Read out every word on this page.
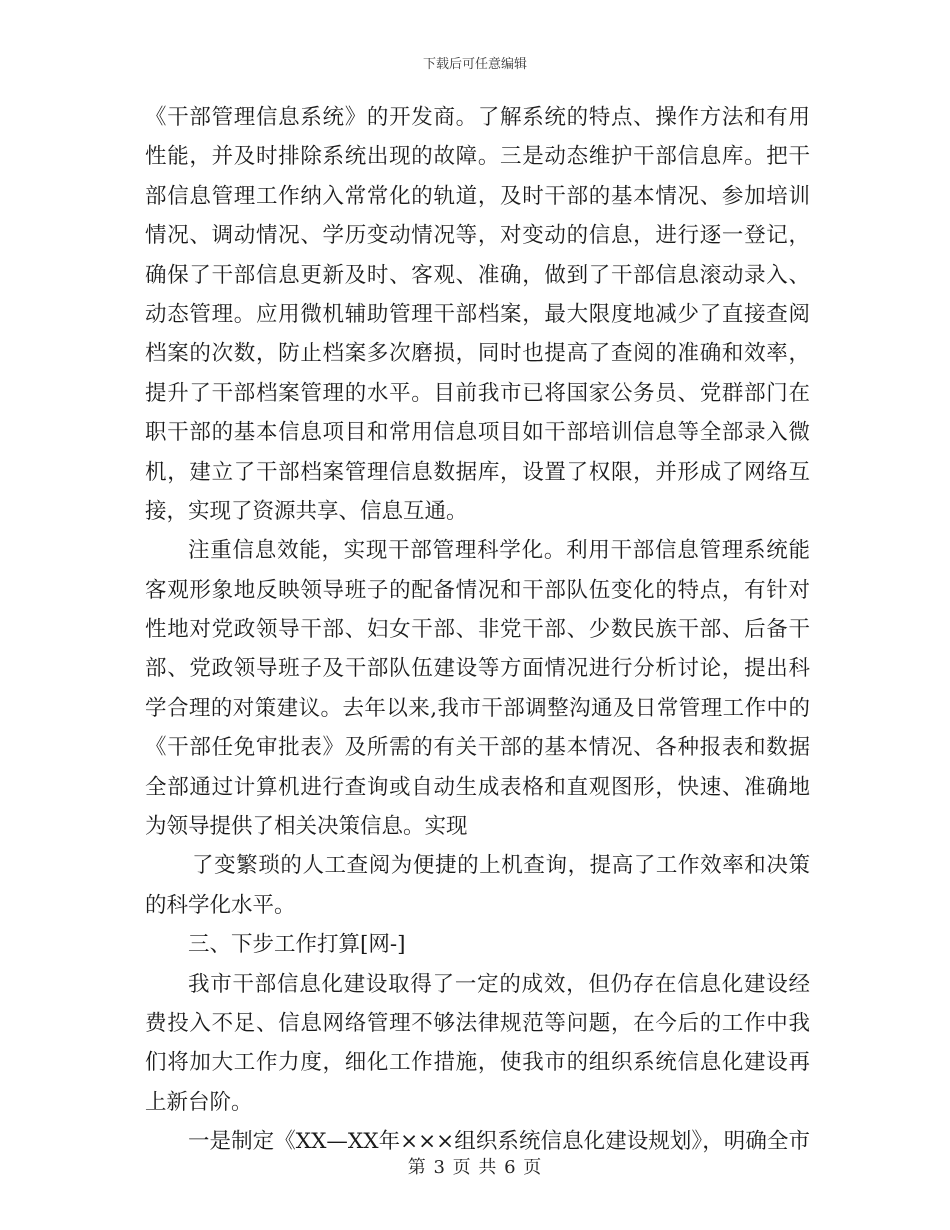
下载后可任意编辑
《干部管理信息系统》的开发商。了解系统的特点、操作方法和有用
性能，并及时排除系统出现的故障。三是动态维护干部信息库。把干
部信息管理工作纳入常常化的轨道，及时干部的基本情况、参加培训
情况、调动情况、学历变动情况等，对变动的信息，进行逐一登记，
确保了干部信息更新及时、客观、准确，做到了干部信息滚动录入、
动态管理。应用微机辅助管理干部档案，最大限度地减少了直接查阅
档案的次数，防止档案多次磨损，同时也提高了查阅的准确和效率，
提升了干部档案管理的水平。目前我市已将国家公务员、党群部门在
职干部的基本信息项目和常用信息项目如干部培训信息等全部录入微
机，建立了干部档案管理信息数据库，设置了权限，并形成了网络互
接，实现了资源共享、信息互通。
注重信息效能，实现干部管理科学化。利用干部信息管理系统能
客观形象地反映领导班子的配备情况和干部队伍变化的特点，有针对
性地对党政领导干部、妇女干部、非党干部、少数民族干部、后备干
部、党政领导班子及干部队伍建设等方面情况进行分析讨论，提出科
学合理的对策建议。去年以来,我市干部调整沟通及日常管理工作中的
《干部任免审批表》及所需的有关干部的基本情况、各种报表和数据
全部通过计算机进行查询或自动生成表格和直观图形，快速、准确地
为领导提供了相关决策信息。实现
了变繁琐的人工查阅为便捷的上机查询，提高了工作效率和决策
的科学化水平。
三、下步工作打算[网-]
我市干部信息化建设取得了一定的成效，但仍存在信息化建设经
费投入不足、信息网络管理不够法律规范等问题，在今后的工作中我
们将加大工作力度，细化工作措施，使我市的组织系统信息化建设再
上新台阶。
一是制定《XX—XX年×××组织系统信息化建设规划》，明确全市
第 3 页 共 6 页
